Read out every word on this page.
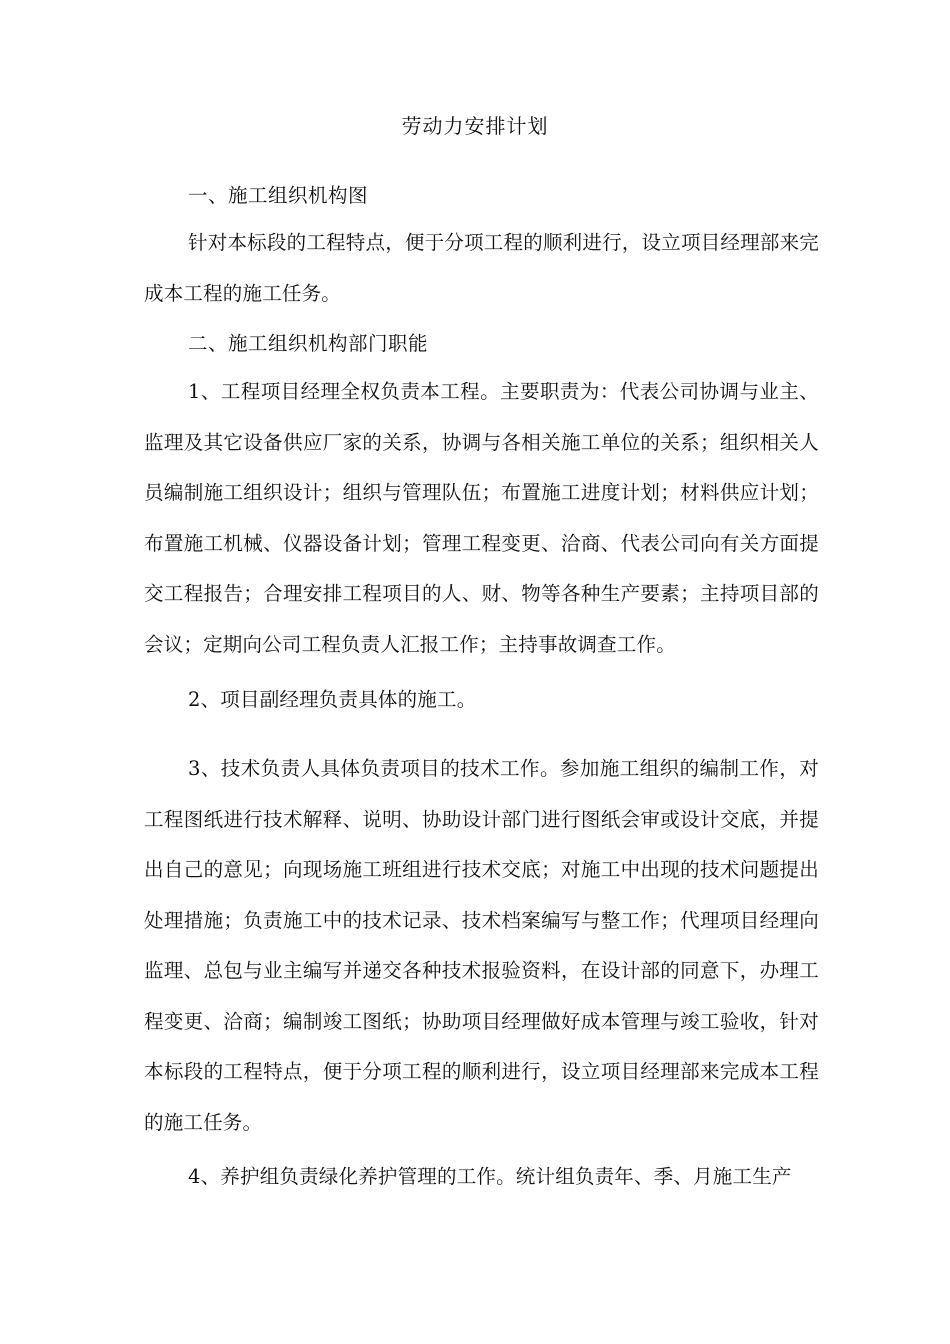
劳动力安排计划
一、施工组织机构图
针对本标段的工程特点，便于分项工程的顺利进行，设立项目经理部来完成本工程的施工任务。
二、施工组织机构部门职能
1、工程项目经理全权负责本工程。主要职责为：代表公司协调与业主、监理及其它设备供应厂家的关系，协调与各相关施工单位的关系；组织相关人员编制施工组织设计；组织与管理队伍；布置施工进度计划；材料供应计划；布置施工机械、仪器设备计划；管理工程变更、洽商、代表公司向有关方面提交工程报告；合理安排工程项目的人、财、物等各种生产要素；主持项目部的会议；定期向公司工程负责人汇报工作；主持事故调查工作。
2、项目副经理负责具体的施工。
3、技术负责人具体负责项目的技术工作。参加施工组织的编制工作，对工程图纸进行技术解释、说明、协助设计部门进行图纸会审或设计交底，并提出自己的意见；向现场施工班组进行技术交底；对施工中出现的技术问题提出处理措施；负责施工中的技术记录、技术档案编写与整工作；代理项目经理向监理、总包与业主编写并递交各种技术报验资料，在设计部的同意下，办理工程变更、洽商；编制竣工图纸；协助项目经理做好成本管理与竣工验收，针对本标段的工程特点，便于分项工程的顺利进行，设立项目经理部来完成本工程的施工任务。
4、养护组负责绿化养护管理的工作。统计组负责年、季、月施工生产
